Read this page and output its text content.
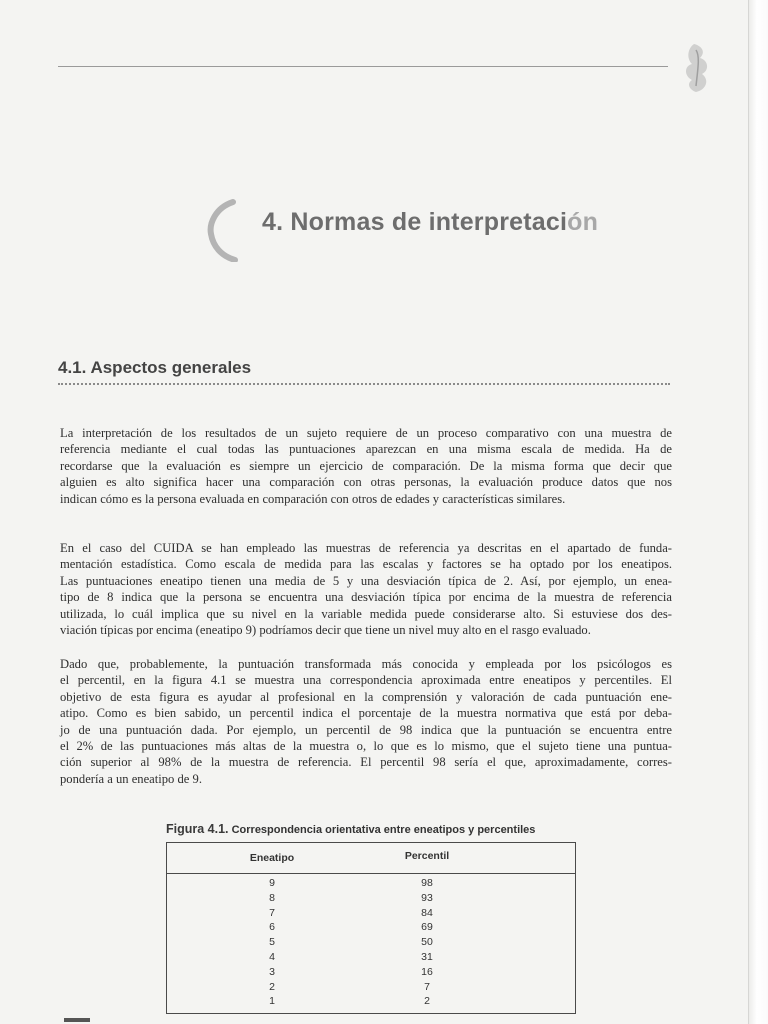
4. Normas de interpretación
4.1. Aspectos generales
La interpretación de los resultados de un sujeto requiere de un proceso comparativo con una muestra de
referencia mediante el cual todas las puntuaciones aparezcan en una misma escala de medida. Ha de
recordarse que la evaluación es siempre un ejercicio de comparación. De la misma forma que decir que
alguien es alto significa hacer una comparación con otras personas, la evaluación produce datos que nos
indican cómo es la persona evaluada en comparación con otros de edades y características similares.
En el caso del CUIDA se han empleado las muestras de referencia ya descritas en el apartado de funda-
mentación estadística. Como escala de medida para las escalas y factores se ha optado por los eneatipos.
Las puntuaciones eneatipo tienen una media de 5 y una desviación típica de 2. Así, por ejemplo, un enea-
tipo de 8 indica que la persona se encuentra una desviación típica por encima de la muestra de referencia
utilizada, lo cuál implica que su nivel en la variable medida puede considerarse alto. Si estuviese dos des-
viación típicas por encima (eneatipo 9) podríamos decir que tiene un nivel muy alto en el rasgo evaluado.
Dado que, probablemente, la puntuación transformada más conocida y empleada por los psicólogos es
el percentil, en la figura 4.1 se muestra una correspondencia aproximada entre eneatipos y percentiles. El
objetivo de esta figura es ayudar al profesional en la comprensión y valoración de cada puntuación ene-
atipo. Como es bien sabido, un percentil indica el porcentaje de la muestra normativa que está por deba-
jo de una puntuación dada. Por ejemplo, un percentil de 98 indica que la puntuación se encuentra entre
el 2% de las puntuaciones más altas de la muestra o, lo que es lo mismo, que el sujeto tiene una puntua-
ción superior al 98% de la muestra de referencia. El percentil 98 sería el que, aproximadamente, corres-
pondería a un eneatipo de 9.
Figura 4.1. Correspondencia orientativa entre eneatipos y percentiles
Eneatipo	Percentil
9	98
8	93
7	84
6	69
5	50
4	31
3	16
2	7
1	2
